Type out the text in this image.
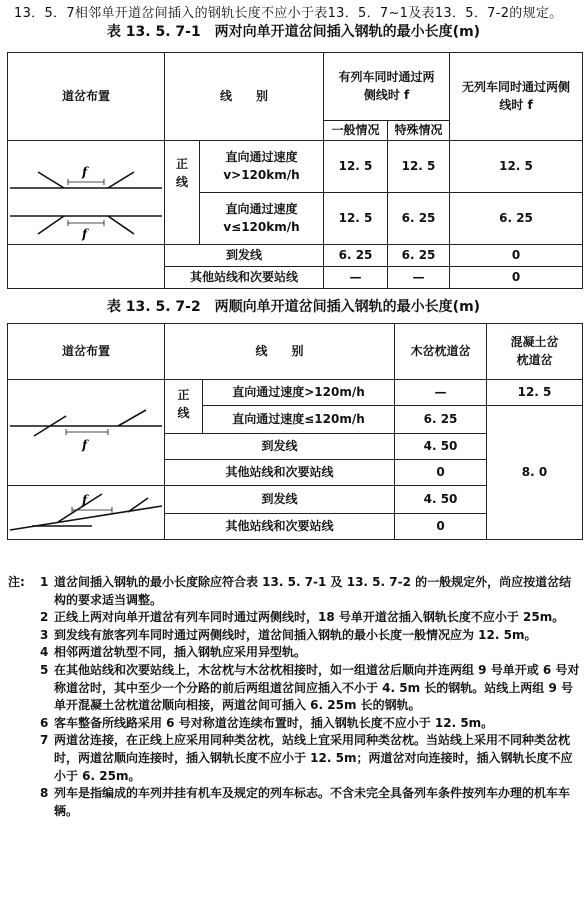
13．5．7相邻单开道岔间插入的钢轨长度不应小于表13．5．7~1及表13．5．7-2的规定。
表 13. 5. 7-1　两对向单开道岔间插入钢轨的最小长度(m)
道岔布置	线　　别		有列车同时通过两侧线时 f		无列车同时通过两侧线时 f
			一般情况	特殊情况	

f
f	正线	直向通过速度 v>120km/h	12. 5	12. 5	12. 5
		直向通过速度 v≤120km/h	12. 5	6. 25	6. 25
	到发线		6. 25	6. 25	0
	其他站线和次要站线		—	—	0
表 13. 5. 7-2　两顺向单开道岔间插入钢轨的最小长度(m)
道岔布置	线　　别		木岔枕道岔	混凝土岔枕道岔

f	正线	直向通过速度>120m/h	—	12. 5
		直向通过速度≤120m/h	6. 25	8. 0
	到发线		4. 50	
	其他站线和次要站线		0	

f	到发线		4. 50	
	其他站线和次要站线		0	
注:	1 道岔间插入钢轨的最小长度除应符合表 13. 5. 7-1 及 13. 5. 7-2 的一般规定外，尚应按道岔结构的要求适当调整。
2 正线上两对向单开道岔有列车同时通过两侧线时，18 号单开道岔插入钢轨长度不应小于 25m。
3 到发线有旅客列车同时通过两侧线时，道岔间插入钢轨的最小长度一般情况应为 12. 5m。
4 相邻两道岔轨型不同，插入钢轨应采用异型轨。
5 在其他站线和次要站线上，木岔枕与木岔枕相接时，如一组道岔后顺向并连两组 9 号单开或 6 号对称道岔时，其中至少一个分路的前后两组道岔间应插入不小于 4. 5m 长的钢轨。站线上两组 9 号单开混凝土岔枕道岔顺向相接，两道岔间可插入 6. 25m 长的钢轨。
6 客车整备所线路采用 6 号对称道岔连续布置时，插入钢轨长度不应小于 12. 5m。
7 两道岔连接，在正线上应采用同种类岔枕，站线上宜采用同种类岔枕。当站线上采用不同种类岔枕时，两道岔顺向连接时，插入钢轨长度不应小于 12. 5m；两道岔对向连接时，插入钢轨长度不应小于 6. 25m。
8 列车是指编成的车列并挂有机车及规定的列车标志。不含未完全具备列车条件按列车办理的机车车辆。
